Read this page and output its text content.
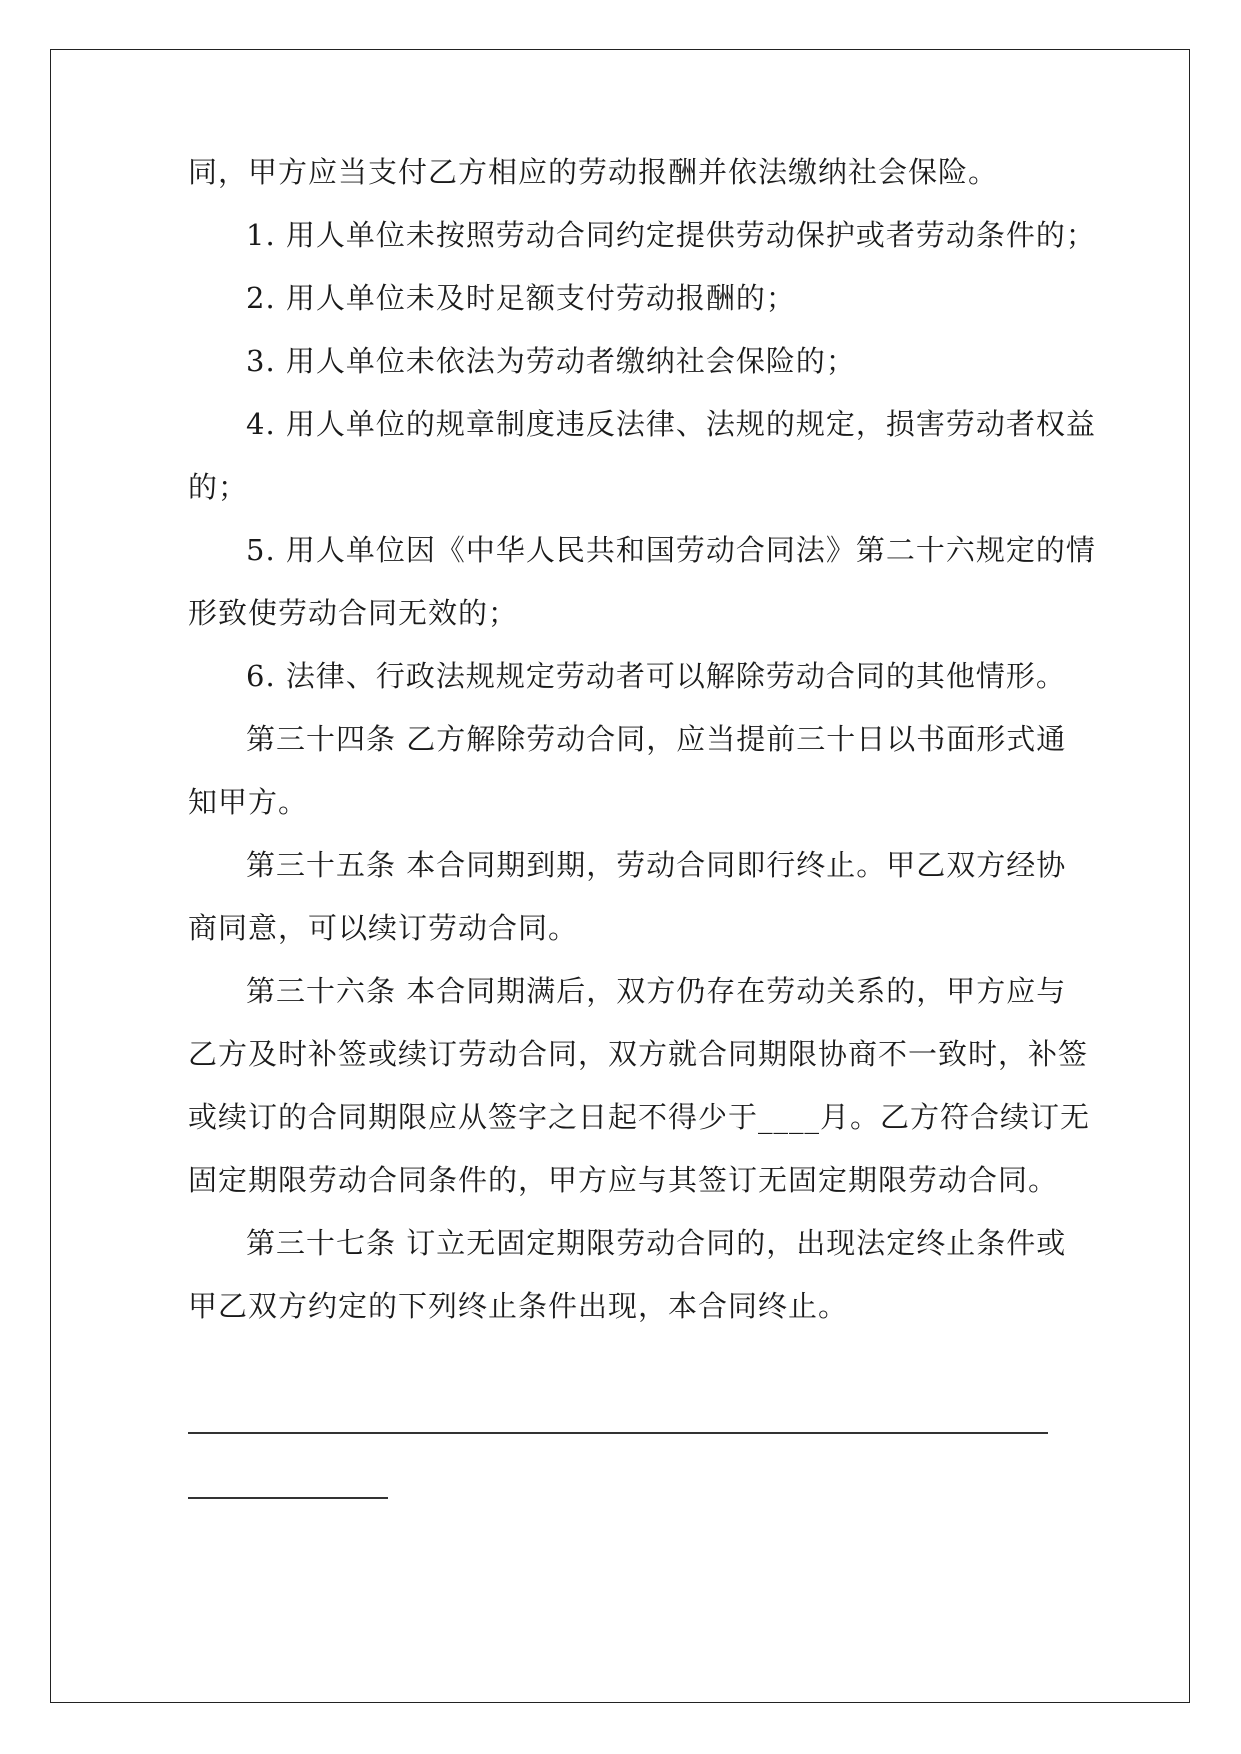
同，甲方应当支付乙方相应的劳动报酬并依法缴纳社会保险。
1. 用人单位未按照劳动合同约定提供劳动保护或者劳动条件的；
2. 用人单位未及时足额支付劳动报酬的；
3. 用人单位未依法为劳动者缴纳社会保险的；
4. 用人单位的规章制度违反法律、法规的规定，损害劳动者权益
的；
5. 用人单位因《中华人民共和国劳动合同法》第二十六规定的情
形致使劳动合同无效的；
6. 法律、行政法规规定劳动者可以解除劳动合同的其他情形。
第三十四条 乙方解除劳动合同，应当提前三十日以书面形式通
知甲方。
第三十五条 本合同期到期，劳动合同即行终止。甲乙双方经协
商同意，可以续订劳动合同。
第三十六条 本合同期满后，双方仍存在劳动关系的，甲方应与
乙方及时补签或续订劳动合同，双方就合同期限协商不一致时，补签
或续订的合同期限应从签字之日起不得少于____月。乙方符合续订无
固定期限劳动合同条件的，甲方应与其签订无固定期限劳动合同。
第三十七条 订立无固定期限劳动合同的，出现法定终止条件或
甲乙双方约定的下列终止条件出现，本合同终止。
